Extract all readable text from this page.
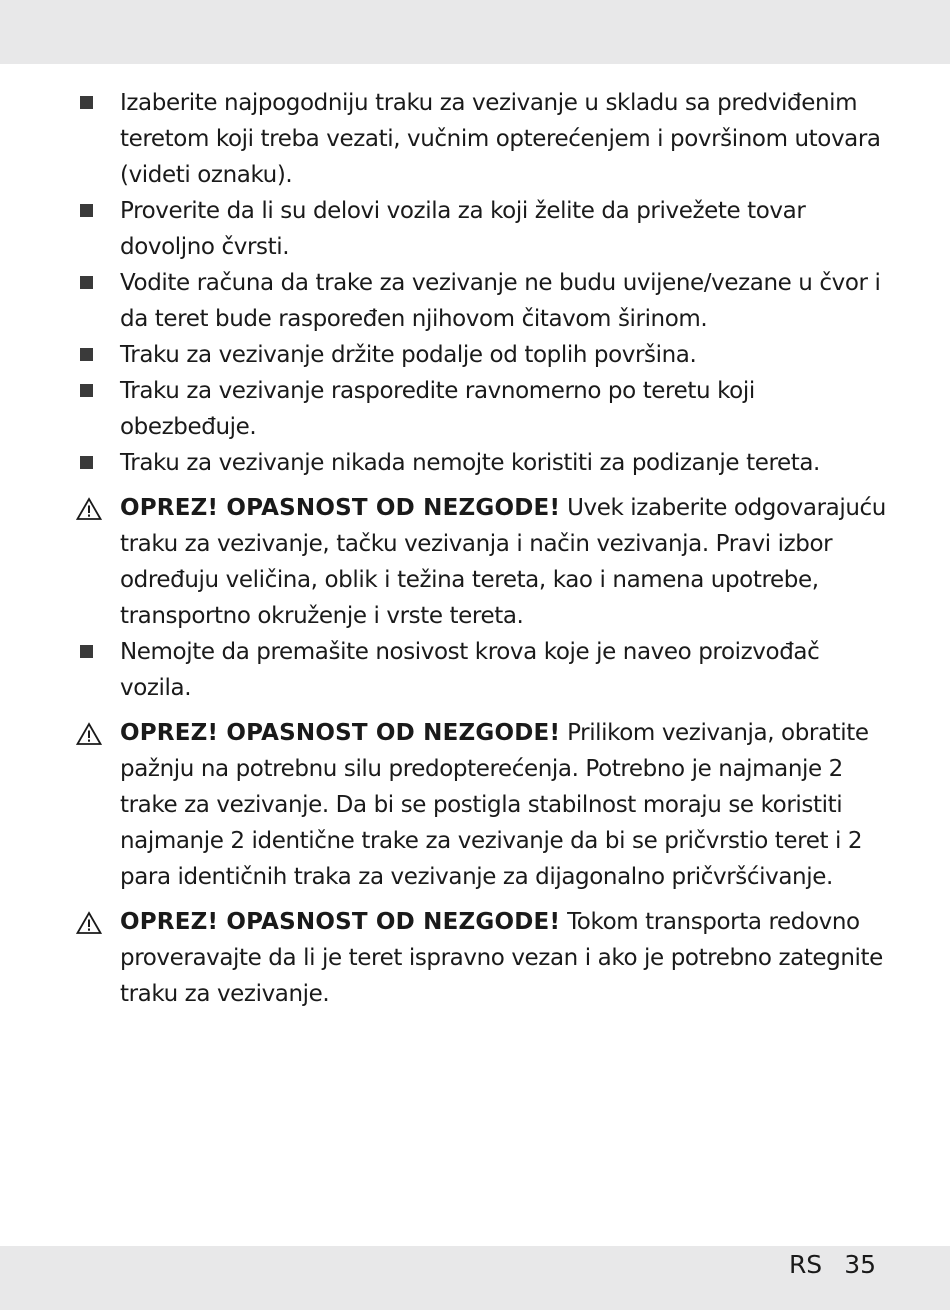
Izaberite najpogodniju traku za vezivanje u skladu sa predviđenim teretom koji treba vezati, vučnim opterećenjem i površinom utovara (videti oznaku).
Proverite da li su delovi vozila za koji želite da privežete tovar dovoljno čvrsti.
Vodite računa da trake za vezivanje ne budu uvijene/vezane u čvor i da teret bude raspoređen njihovom čitavom širinom.
Traku za vezivanje držite podalje od toplih površina.
Traku za vezivanje rasporedite ravnomerno po teretu koji obezbeđuje.
Traku za vezivanje nikada nemojte koristiti za podizanje tereta.
OPREZ! OPASNOST OD NEZGODE! Uvek izaberite odgovarajuću traku za vezivanje, tačku vezivanja i način vezivanja. Pravi izbor određuju veličina, oblik i težina tereta, kao i namena upotrebe, transportno okruženje i vrste tereta.
Nemojte da premašite nosivost krova koje je naveo proizvođač vozila.
OPREZ! OPASNOST OD NEZGODE! Prilikom vezivanja, obratite pažnju na potrebnu silu predopterećenja. Potrebno je najmanje 2 trake za vezivanje. Da bi se postigla stabilnost moraju se koristiti najmanje 2 identične trake za vezivanje da bi se pričvrstio teret i 2 para identičnih traka za vezivanje za dijagonalno pričvršćivanje.
OPREZ! OPASNOST OD NEZGODE! Tokom transporta redovno proveravajte da li je teret ispravno vezan i ako je potrebno zategnite traku za vezivanje.
RS 35
